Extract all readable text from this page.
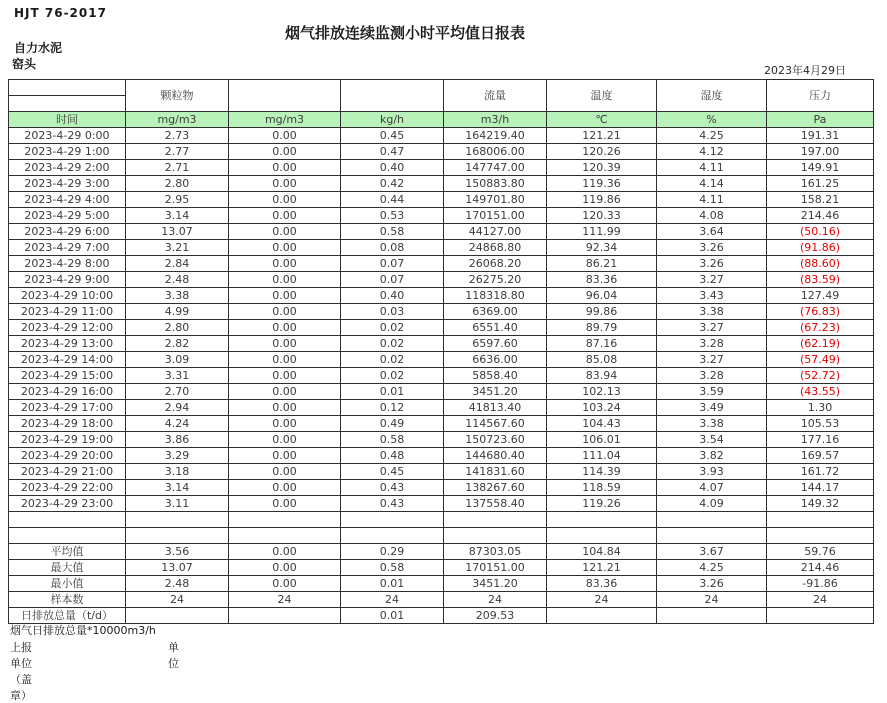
HJT 76-2017
烟气排放连续监测小时平均值日报表
自力水泥
窑头	2023年4月29日
	颗粒物			流量	温度	湿度	压力

时间	mg/m3	mg/m3	kg/h	m3/h	℃	%	Pa
2023-4-29 0:00	2.73	0.00	0.45	164219.40	121.21	4.25	191.31
2023-4-29 1:00	2.77	0.00	0.47	168006.00	120.26	4.12	197.00
2023-4-29 2:00	2.71	0.00	0.40	147747.00	120.39	4.11	149.91
2023-4-29 3:00	2.80	0.00	0.42	150883.80	119.36	4.14	161.25
2023-4-29 4:00	2.95	0.00	0.44	149701.80	119.86	4.11	158.21
2023-4-29 5:00	3.14	0.00	0.53	170151.00	120.33	4.08	214.46
2023-4-29 6:00	13.07	0.00	0.58	44127.00	111.99	3.64	(50.16)
2023-4-29 7:00	3.21	0.00	0.08	24868.80	92.34	3.26	(91.86)
2023-4-29 8:00	2.84	0.00	0.07	26068.20	86.21	3.26	(88.60)
2023-4-29 9:00	2.48	0.00	0.07	26275.20	83.36	3.27	(83.59)
2023-4-29 10:00	3.38	0.00	0.40	118318.80	96.04	3.43	127.49
2023-4-29 11:00	4.99	0.00	0.03	6369.00	99.86	3.38	(76.83)
2023-4-29 12:00	2.80	0.00	0.02	6551.40	89.79	3.27	(67.23)
2023-4-29 13:00	2.82	0.00	0.02	6597.60	87.16	3.28	(62.19)
2023-4-29 14:00	3.09	0.00	0.02	6636.00	85.08	3.27	(57.49)
2023-4-29 15:00	3.31	0.00	0.02	5858.40	83.94	3.28	(52.72)
2023-4-29 16:00	2.70	0.00	0.01	3451.20	102.13	3.59	(43.55)
2023-4-29 17:00	2.94	0.00	0.12	41813.40	103.24	3.49	1.30
2023-4-29 18:00	4.24	0.00	0.49	114567.60	104.43	3.38	105.53
2023-4-29 19:00	3.86	0.00	0.58	150723.60	106.01	3.54	177.16
2023-4-29 20:00	3.29	0.00	0.48	144680.40	111.04	3.82	169.57
2023-4-29 21:00	3.18	0.00	0.45	141831.60	114.39	3.93	161.72
2023-4-29 22:00	3.14	0.00	0.43	138267.60	118.59	4.07	144.17
2023-4-29 23:00	3.11	0.00	0.43	137558.40	119.26	4.09	149.32

平均值	3.56	0.00	0.29	87303.05	104.84	3.67	59.76
最大值	13.07	0.00	0.58	170151.00	121.21	4.25	214.46
最小值	2.48	0.00	0.01	3451.20	83.36	3.26	-91.86
样本数	24	24	24	24	24	24	24
日排放总量（t/d）			0.01	209.53			
烟气日排放总量*10000m3/h
上报单位（盖章）
单位
